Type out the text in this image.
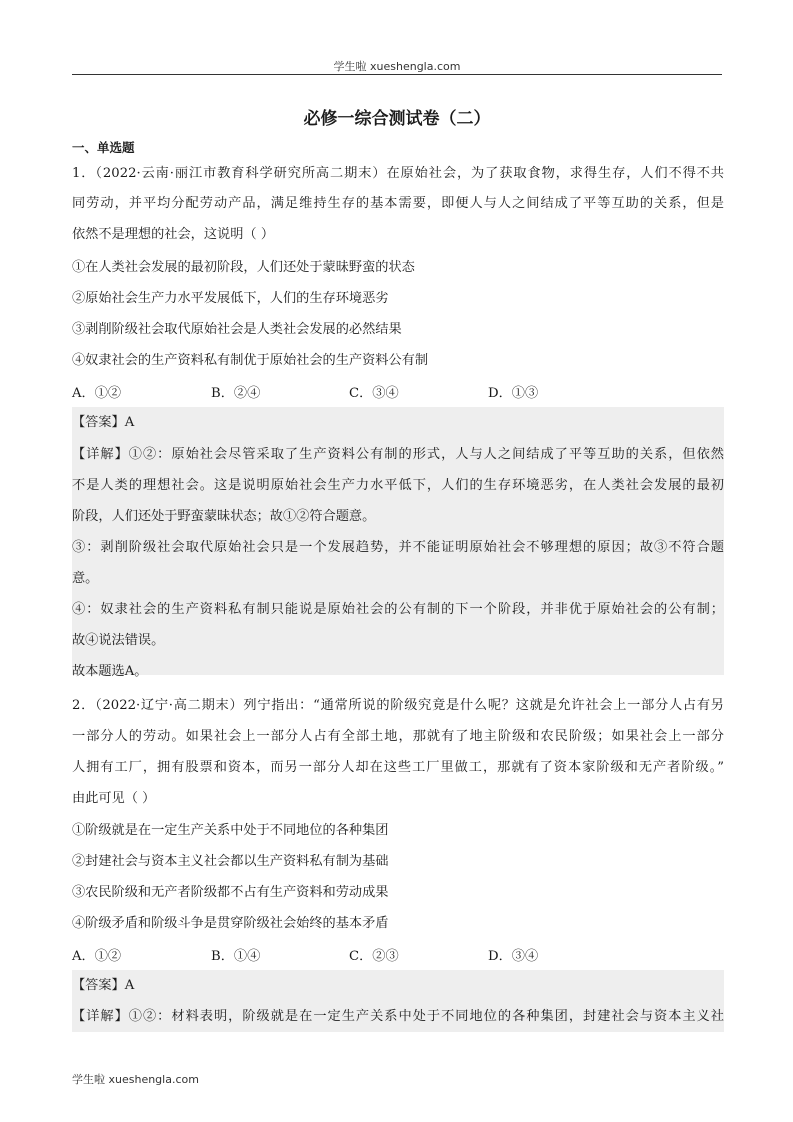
学生啦 xueshengla.com
必修一综合测试卷（二）
一、单选题
1．（2022·云南·丽江市教育科学研究所高二期末）在原始社会，为了获取食物，求得生存，人们不得不共
同劳动，并平均分配劳动产品，满足维持生存的基本需要，即便人与人之间结成了平等互助的关系，但是
依然不是理想的社会，这说明（ ）
①在人类社会发展的最初阶段，人们还处于蒙昧野蛮的状态
②原始社会生产力水平发展低下，人们的生存环境恶劣
③剥削阶级社会取代原始社会是人类社会发展的必然结果
④奴隶社会的生产资料私有制优于原始社会的生产资料公有制
A．①②	B．②④	C．③④	D．①③
【答案】A
【详解】①②：原始社会尽管采取了生产资料公有制的形式，人与人之间结成了平等互助的关系，但依然
不是人类的理想社会。这是说明原始社会生产力水平低下，人们的生存环境恶劣，在人类社会发展的最初
阶段，人们还处于野蛮蒙昧状态；故①②符合题意。
③：剥削阶级社会取代原始社会只是一个发展趋势，并不能证明原始社会不够理想的原因；故③不符合题
意。
④：奴隶社会的生产资料私有制只能说是原始社会的公有制的下一个阶段，并非优于原始社会的公有制；
故④说法错误。
故本题选A。
2．（2022·辽宁·高二期末）列宁指出：“通常所说的阶级究竟是什么呢？这就是允许社会上一部分人占有另
一部分人的劳动。如果社会上一部分人占有全部土地，那就有了地主阶级和农民阶级；如果社会上一部分
人拥有工厂，拥有股票和资本，而另一部分人却在这些工厂里做工，那就有了资本家阶级和无产者阶级。”
由此可见（ ）
①阶级就是在一定生产关系中处于不同地位的各种集团
②封建社会与资本主义社会都以生产资料私有制为基础
③农民阶级和无产者阶级都不占有生产资料和劳动成果
④阶级矛盾和阶级斗争是贯穿阶级社会始终的基本矛盾
A．①②	B．①④	C．②③	D．③④
【答案】A
【详解】①②：材料表明，阶级就是在一定生产关系中处于不同地位的各种集团，封建社会与资本主义社
学生啦 xueshengla.com
